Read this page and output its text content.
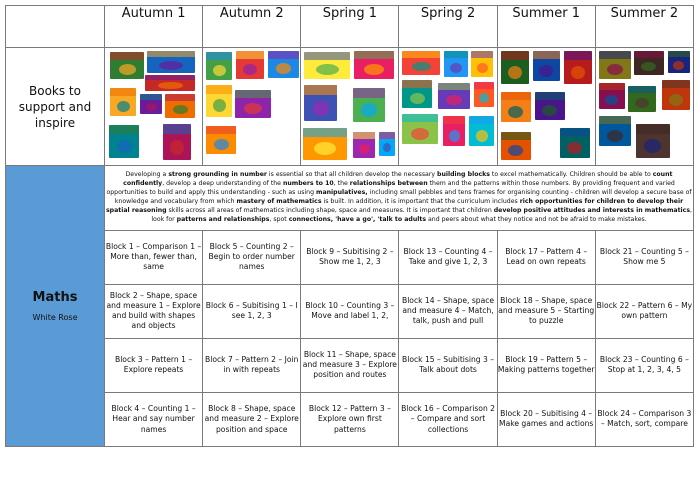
	Autumn 1	Autumn 2	Spring 1	Spring 2	Summer 1	Summer 2
Books to support and inspire	

Maths
White Rose	Developing a strong grounding in number is essential so that all children develop the necessary building blocks to excel mathematically. Children should be able to count confidently, develop a deep understanding of the numbers to 10, the relationships between them and the patterns within those numbers. By providing frequent and varied opportunities to build and apply this understanding - such as using manipulatives, including small pebbles and tens frames for organising counting - children will develop a secure base of knowledge and vocabulary from which mastery of mathematics is built. In addition, it is important that the curriculum includes rich opportunities for children to develop their spatial reasoning skills across all areas of mathematics including shape, space and measures. It is important that children develop positive attitudes and interests in mathematics, look for patterns and relationships, spot connections, 'have a go', 'talk to adults and peers about what they notice and not be afraid to make mistakes.					
	Block 1 – Comparison 1 – More than, fewer than, same	Block 5 – Counting 2 – Begin to order number names	Block 9 – Subitising 2 – Show me 1, 2, 3	Block 13 – Counting 4 – Take and give 1, 2, 3	Block 17 – Pattern 4 – Lead on own repeats	Block 21 – Counting 5 – Show me 5
	Block 2 – Shape, space and measure 1 – Explore and build with shapes and objects	Block 6 – Subitising 1 – I see 1, 2, 3	Block 10 – Counting 3 – Move and label 1, 2,	Block 14 – Shape, space and measure 4 – Match, talk, push and pull	Block 18 – Shape, space and measure 5 – Starting to puzzle	Block 22 – Pattern 6 – My own pattern
	Block 3 – Pattern 1 – Explore repeats	Block 7 – Pattern 2 – Join in with repeats	Block 11 – Shape, space and measure 3 – Explore position and routes	Block 15 – Subitising 3 – Talk about dots	Block 19 – Pattern 5 – Making patterns together	Block 23 – Counting 6 – Stop at 1, 2, 3, 4, 5
	Block 4 – Counting 1 – Hear and say number names	Block 8 – Shape, space and measure 2 – Explore position and space	Block 12 – Pattern 3 – Explore own first patterns	Block 16 – Comparison 2 – Compare and sort collections	Block 20 – Subitising 4 – Make games and actions	Block 24 – Comparison 3 – Match, sort, compare
